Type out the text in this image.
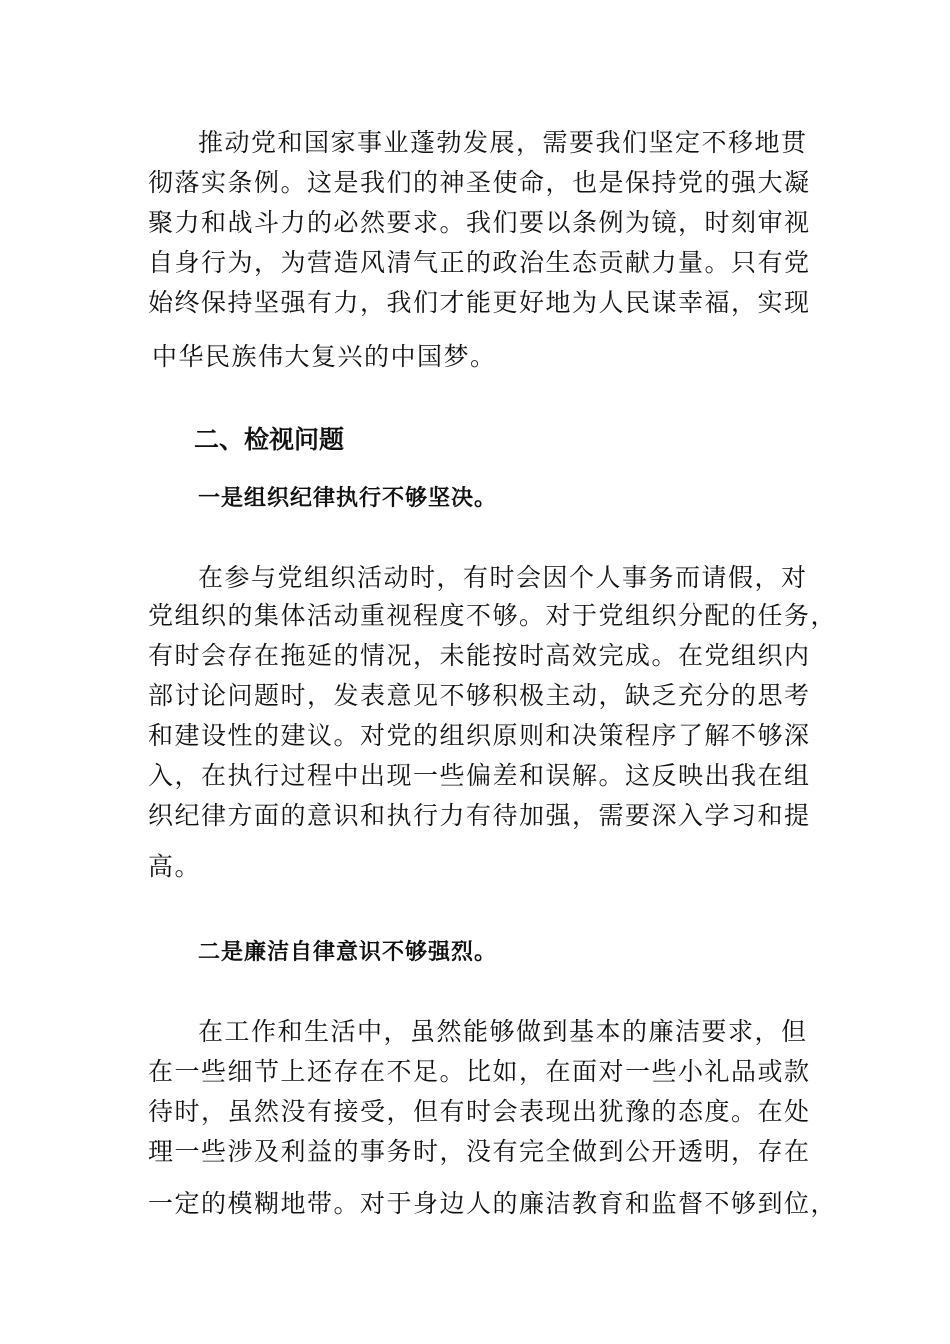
推动党和国家事业蓬勃发展，需要我们坚定不移地贯
彻落实条例。这是我们的神圣使命，也是保持党的强大凝
聚力和战斗力的必然要求。我们要以条例为镜，时刻审视
自身行为，为营造风清气正的政治生态贡献力量。只有党
始终保持坚强有力，我们才能更好地为人民谋幸福，实现
中华民族伟大复兴的中国梦。
二、检视问题
一是组织纪律执行不够坚决。
在参与党组织活动时，有时会因个人事务而请假，对
党组织的集体活动重视程度不够。对于党组织分配的任务，
有时会存在拖延的情况，未能按时高效完成。在党组织内
部讨论问题时，发表意见不够积极主动，缺乏充分的思考
和建设性的建议。对党的组织原则和决策程序了解不够深
入，在执行过程中出现一些偏差和误解。这反映出我在组
织纪律方面的意识和执行力有待加强，需要深入学习和提
高。
二是廉洁自律意识不够强烈。
在工作和生活中，虽然能够做到基本的廉洁要求，但
在一些细节上还存在不足。比如，在面对一些小礼品或款
待时，虽然没有接受，但有时会表现出犹豫的态度。在处
理一些涉及利益的事务时，没有完全做到公开透明，存在
一定的模糊地带。对于身边人的廉洁教育和监督不够到位，
